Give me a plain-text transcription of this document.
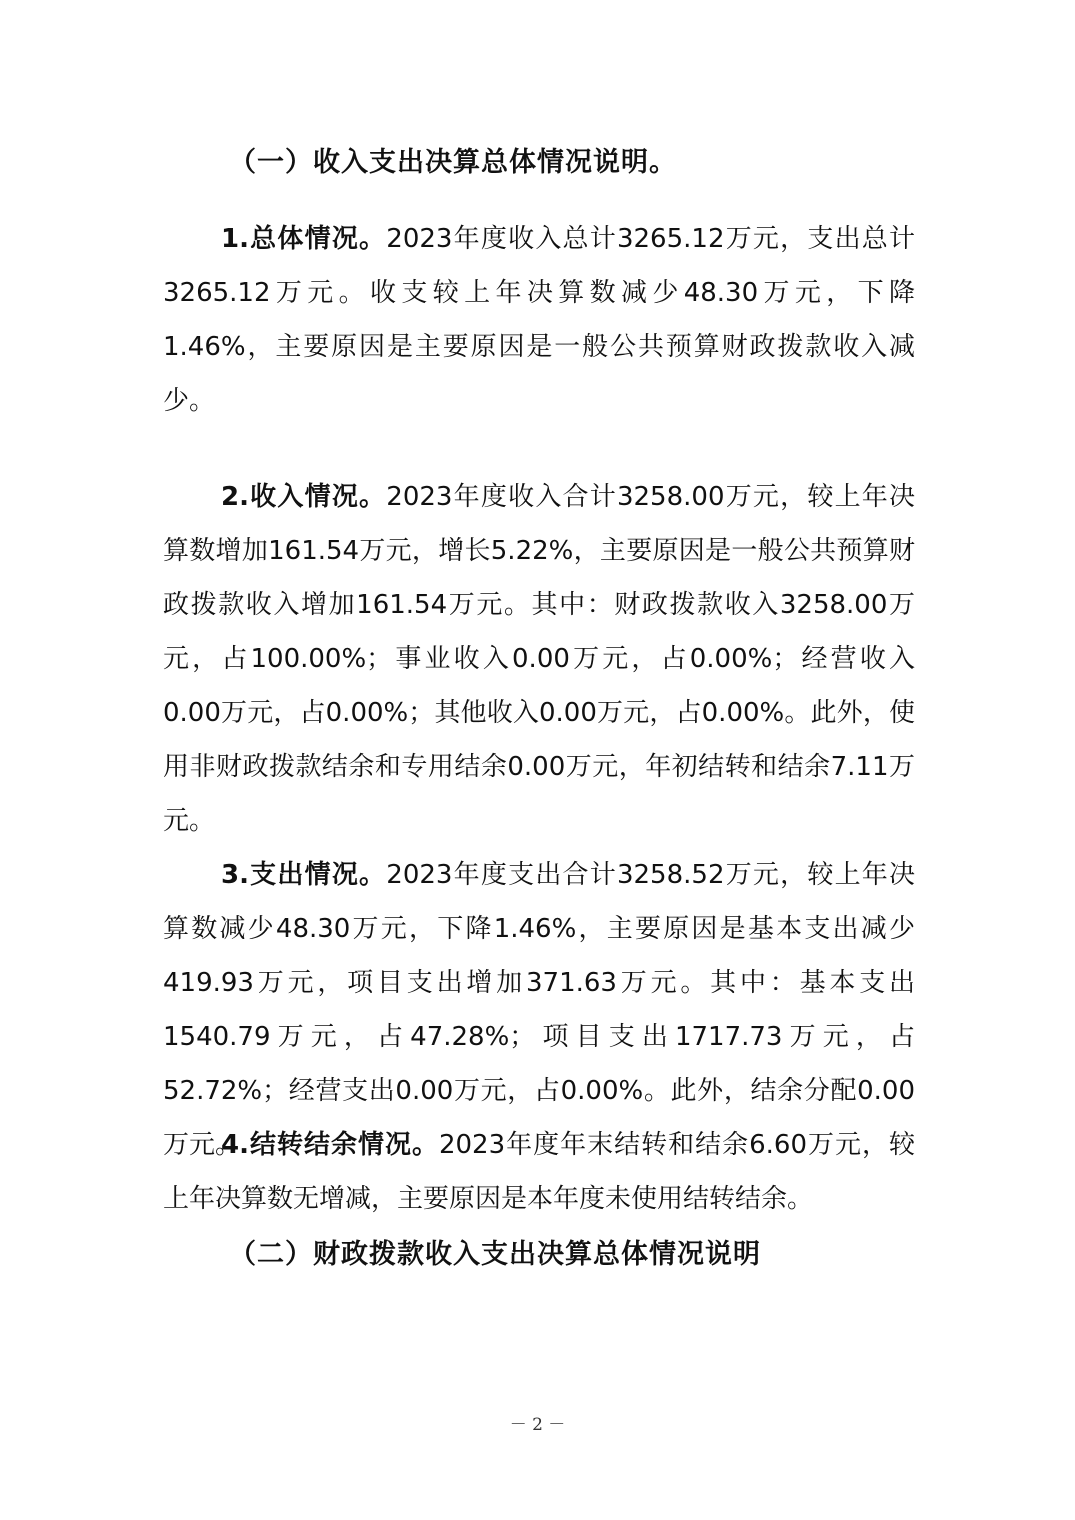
（一）收入支出决算总体情况说明。
1.总体情况。2023年度收入总计3265.12万元，支出总计3265.12万元。收支较上年决算数减少48.30万元，下降1.46%，主要原因是主要原因是一般公共预算财政拨款收入减少。
2.收入情况。2023年度收入合计3258.00万元，较上年决算数增加161.54万元，增长5.22%，主要原因是一般公共预算财政拨款收入增加161.54万元。其中：财政拨款收入3258.00万元，占100.00%；事业收入0.00万元，占0.00%；经营收入0.00万元，占0.00%；其他收入0.00万元，占0.00%。此外，使用非财政拨款结余和专用结余0.00万元，年初结转和结余7.11万元。
3.支出情况。2023年度支出合计3258.52万元，较上年决算数减少48.30万元，下降1.46%，主要原因是基本支出减少419.93万元，项目支出增加371.63万元。其中：基本支出1540.79万元，占47.28%；项目支出1717.73万元，占52.72%；经营支出0.00万元，占0.00%。此外，结余分配0.00万元。
4.结转结余情况。2023年度年末结转和结余6.60万元，较上年决算数无增减，主要原因是本年度未使用结转结余。
（二）财政拨款收入支出决算总体情况说明
－ 2 －
